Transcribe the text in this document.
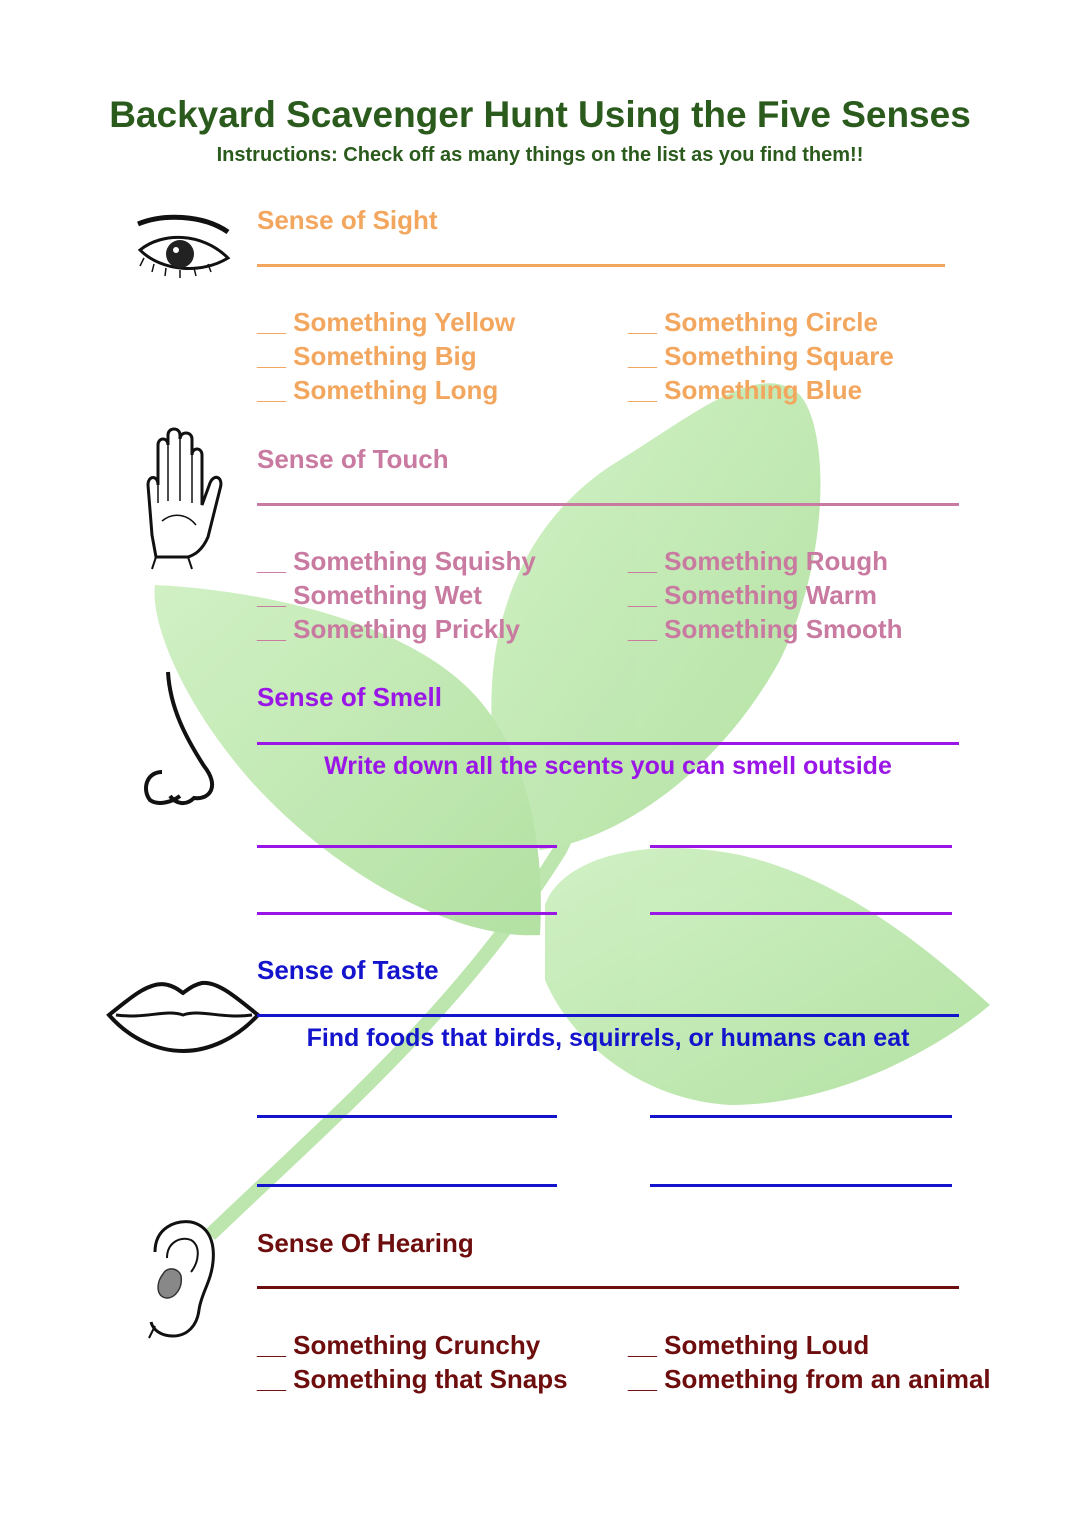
Backyard Scavenger Hunt Using the Five Senses
Instructions: Check off as many things on the list as you find them!!
Sense of Sight
__ Something Yellow
__ Something Big
__ Something Long
__ Something Circle
__ Something Square
__ Something Blue
Sense of Touch
__ Something Squishy
__ Something Wet
__ Something Prickly
__ Something Rough
__ Something Warm
__ Something Smooth
Sense of Smell
Write down all the scents you can smell outside
Sense of Taste
Find foods that birds, squirrels, or humans can eat
Sense Of Hearing
__ Something Crunchy
__ Something that Snaps
__ Something Loud
__ Something from an animal
